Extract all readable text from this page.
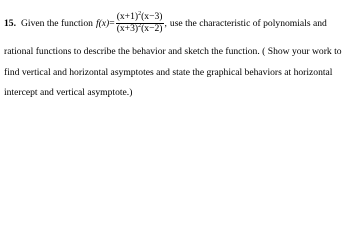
15. Given the function $f(x) = \frac{(x+1)^2(x-3)}{(x+3)^2(x-2)}$ , use the characteristic of polynomials and
rational functions to describe the behavior and sketch the function. ( Show your work to
find vertical and horizontal asymptotes and state the graphical behaviors at horizontal
intercept and vertical asymptote.)
